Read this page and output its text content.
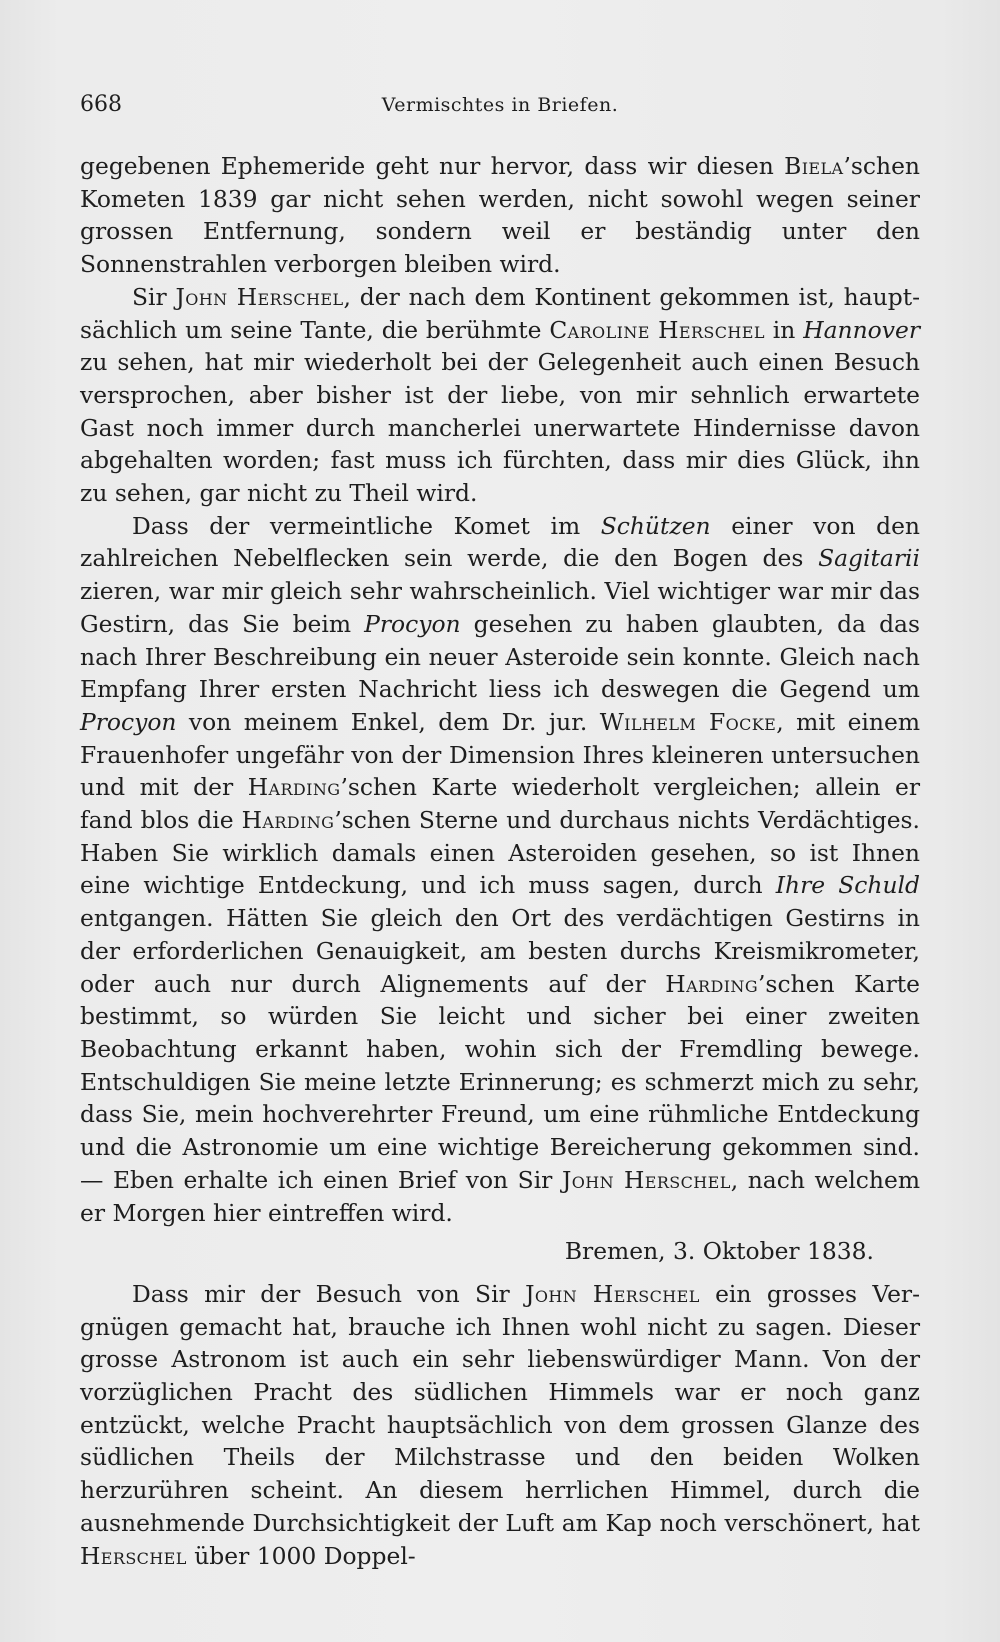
668	Vermischtes in Briefen.

gegebenen Ephemeride geht nur hervor, dass wir diesen Biela’schen Kometen 1839 gar nicht sehen werden, nicht sowohl wegen seiner grossen Entfernung, sondern weil er beständig unter den Sonnenstrahlen verborgen bleiben wird.

Sir John Herschel, der nach dem Kontinent gekommen ist, hauptsächlich um seine Tante, die berühmte Caroline Herschel in Hannover zu sehen, hat mir wiederholt bei der Gelegenheit auch einen Besuch versprochen, aber bisher ist der liebe, von mir sehnlich erwartete Gast noch immer durch mancherlei unerwartete Hindernisse davon abgehalten worden; fast muss ich fürchten, dass mir dies Glück, ihn zu sehen, gar nicht zu Theil wird.

Dass der vermeintliche Komet im Schützen einer von den zahlreichen Nebelflecken sein werde, die den Bogen des Sagitarii zieren, war mir gleich sehr wahrscheinlich. Viel wichtiger war mir das Gestirn, das Sie beim Procyon gesehen zu haben glaubten, da das nach Ihrer Beschreibung ein neuer Asteroide sein konnte. Gleich nach Empfang Ihrer ersten Nachricht liess ich deswegen die Gegend um Procyon von meinem Enkel, dem Dr. jur. Wilhelm Focke, mit einem Frauenhofer ungefähr von der Dimension Ihres kleineren untersuchen und mit der Harding’schen Karte wiederholt vergleichen; allein er fand blos die Harding’schen Sterne und durchaus nichts Verdächtiges. Haben Sie wirklich damals einen Asteroiden gesehen, so ist Ihnen eine wichtige Entdeckung, und ich muss sagen, durch Ihre Schuld entgangen. Hätten Sie gleich den Ort des verdächtigen Gestirns in der erforderlichen Genauigkeit, am besten durchs Kreismikrometer, oder auch nur durch Alignements auf der Harding’schen Karte bestimmt, so würden Sie leicht und sicher bei einer zweiten Beobachtung erkannt haben, wohin sich der Fremdling bewege. Entschuldigen Sie meine letzte Erinnerung; es schmerzt mich zu sehr, dass Sie, mein hochverehrter Freund, um eine rühmliche Entdeckung und die Astronomie um eine wichtige Bereicherung gekommen sind. — Eben erhalte ich einen Brief von Sir John Herschel, nach welchem er Morgen hier eintreffen wird.

Bremen, 3. Oktober 1838.

Dass mir der Besuch von Sir John Herschel ein grosses Vergnügen gemacht hat, brauche ich Ihnen wohl nicht zu sagen. Dieser grosse Astronom ist auch ein sehr liebenswürdiger Mann. Von der vorzüglichen Pracht des südlichen Himmels war er noch ganz entzückt, welche Pracht hauptsächlich von dem grossen Glanze des südlichen Theils der Milchstrasse und den beiden Wolken herzurühren scheint. An diesem herrlichen Himmel, durch die ausnehmende Durchsichtigkeit der Luft am Kap noch verschönert, hat Herschel über 1000 Doppel-
